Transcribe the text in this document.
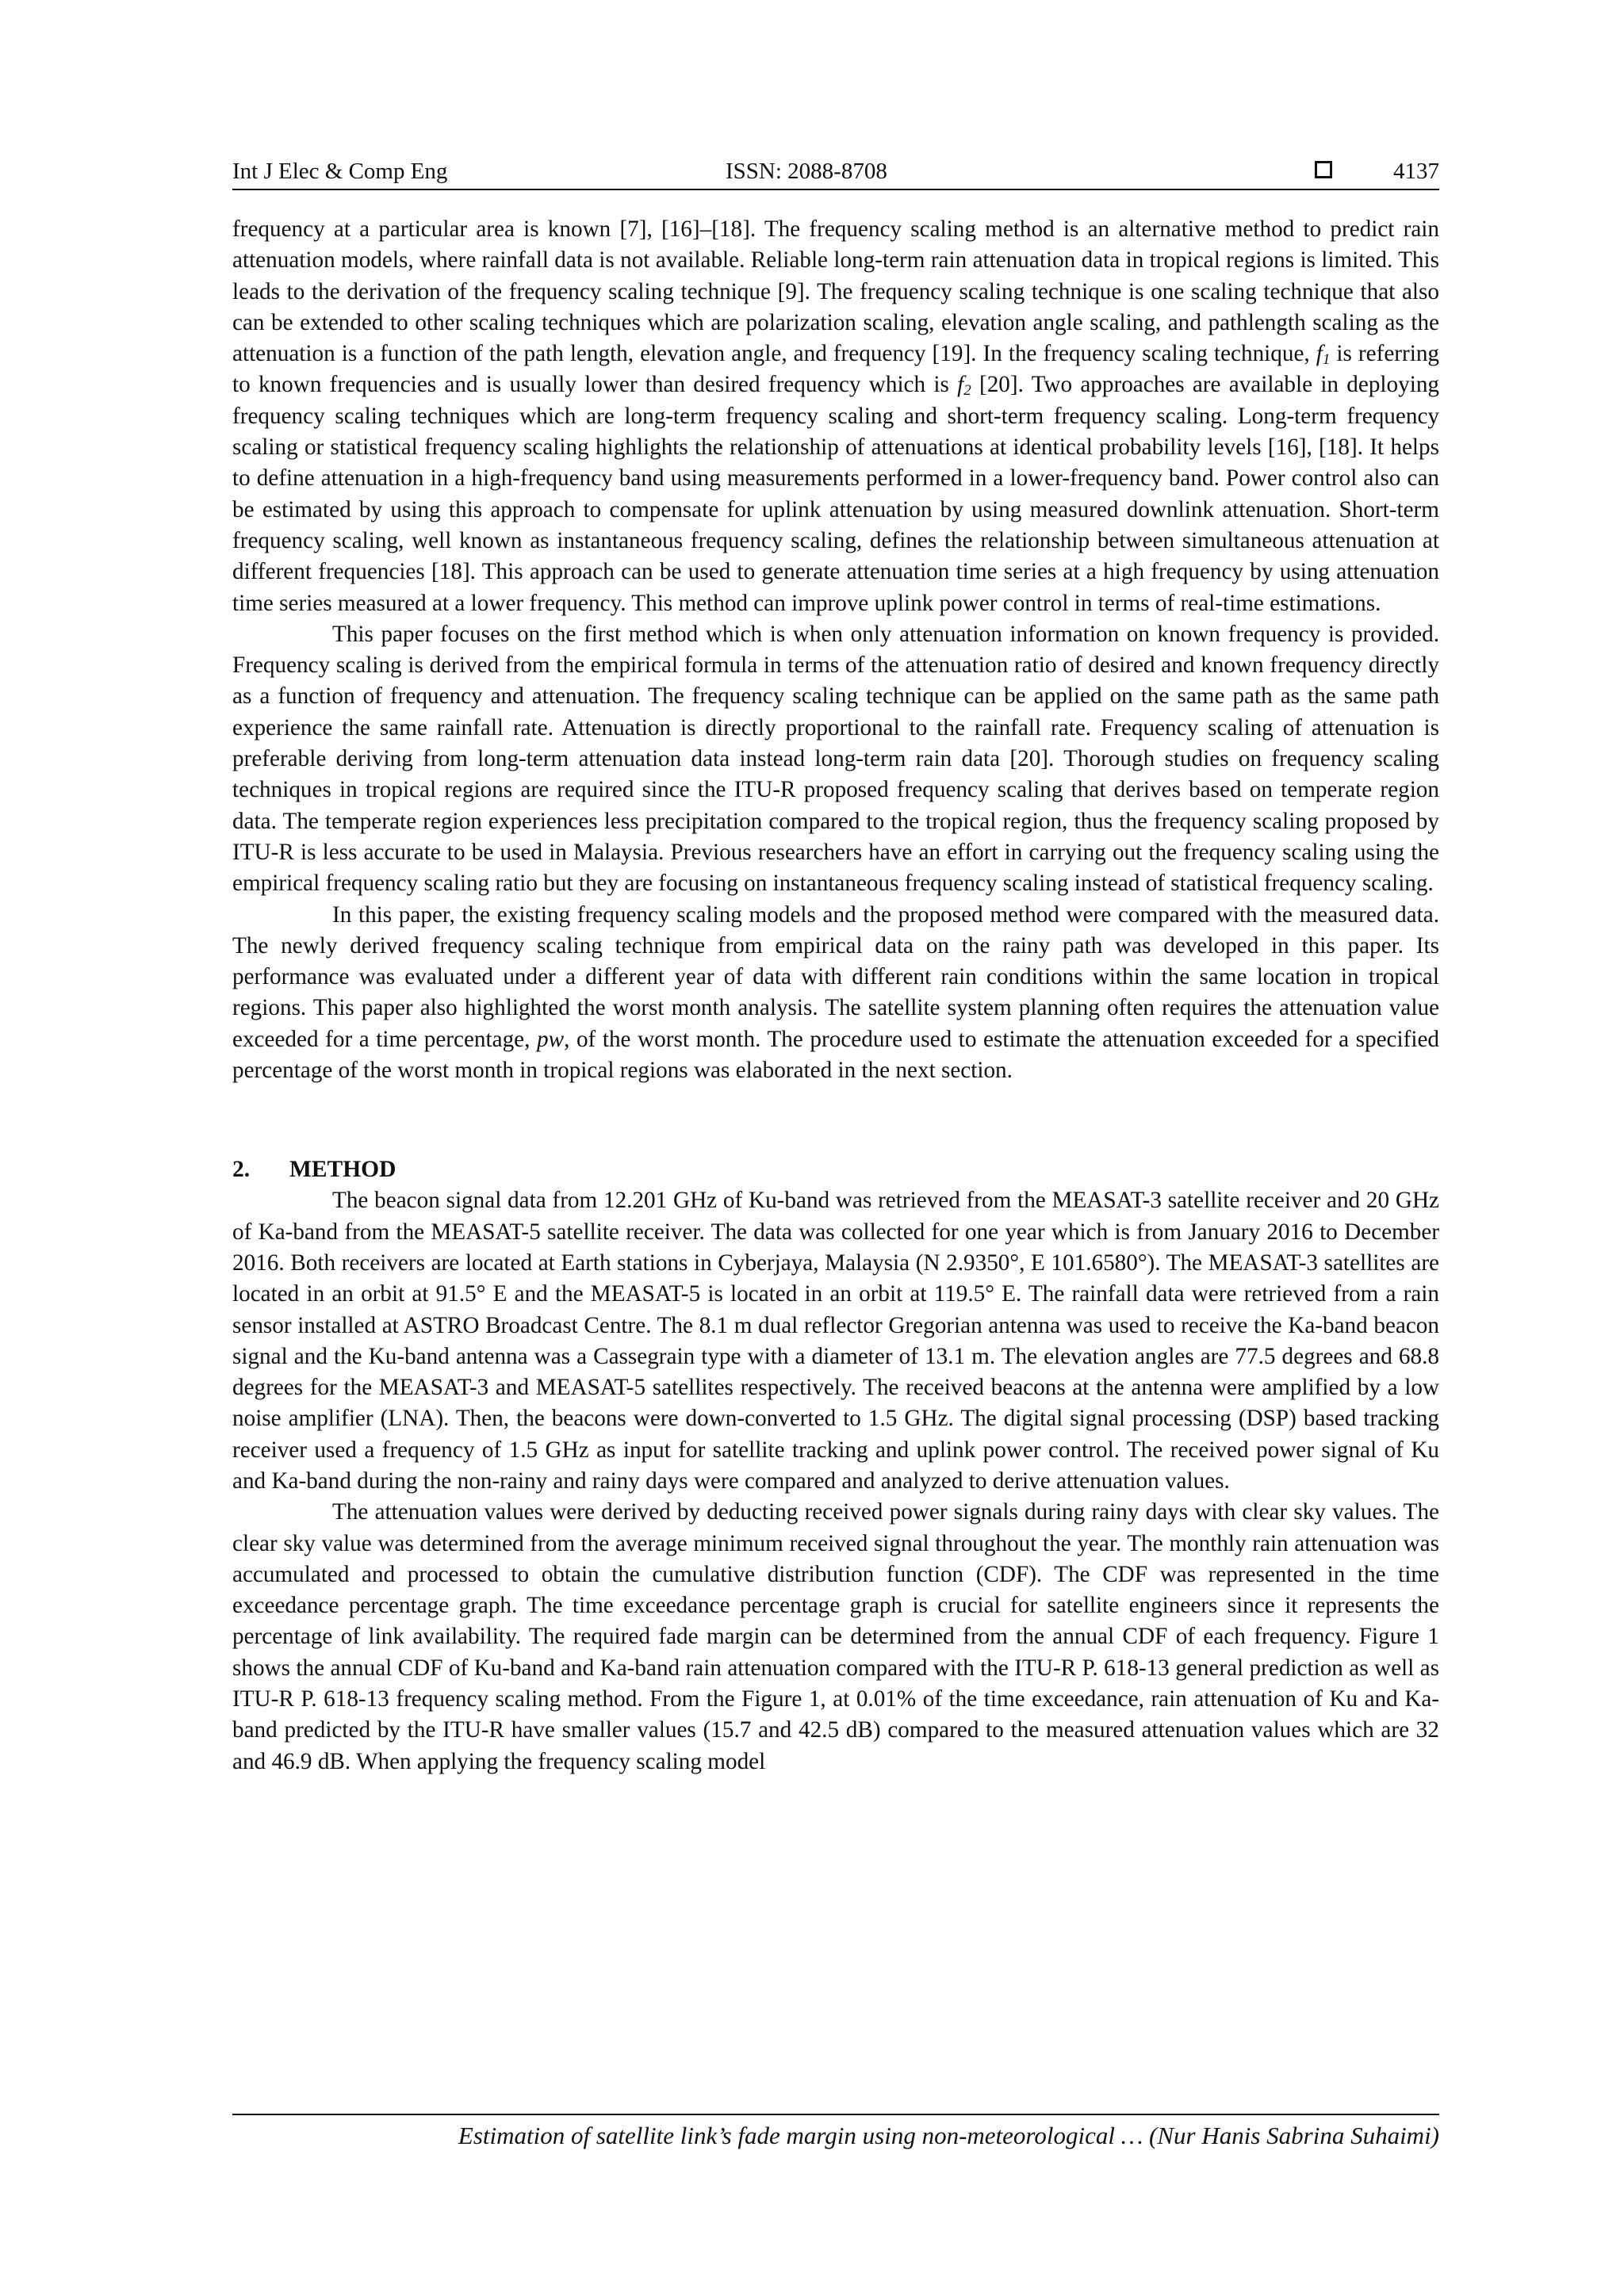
Int J Elec & Comp Eng	ISSN: 2088-8708	4137

frequency at a particular area is known [7], [16]–[18]. The frequency scaling method is an alternative method to predict rain attenuation models, where rainfall data is not available. Reliable long-term rain attenuation data in tropical regions is limited. This leads to the derivation of the frequency scaling technique [9]. The frequency scaling technique is one scaling technique that also can be extended to other scaling techniques which are polarization scaling, elevation angle scaling, and pathlength scaling as the attenuation is a function of the path length, elevation angle, and frequency [19]. In the frequency scaling technique, $f_1$ is referring to known frequencies and is usually lower than desired frequency which is $f_2$ [20]. Two approaches are available in deploying frequency scaling techniques which are long-term frequency scaling and short-term frequency scaling. Long-term frequency scaling or statistical frequency scaling highlights the relationship of attenuations at identical probability levels [16], [18]. It helps to define attenuation in a high-frequency band using measurements performed in a lower-frequency band. Power control also can be estimated by using this approach to compensate for uplink attenuation by using measured downlink attenuation. Short-term frequency scaling, well known as instantaneous frequency scaling, defines the relationship between simultaneous attenuation at different frequencies [18]. This approach can be used to generate attenuation time series at a high frequency by using attenuation time series measured at a lower frequency. This method can improve uplink power control in terms of real-time estimations.

This paper focuses on the first method which is when only attenuation information on known frequency is provided. Frequency scaling is derived from the empirical formula in terms of the attenuation ratio of desired and known frequency directly as a function of frequency and attenuation. The frequency scaling technique can be applied on the same path as the same path experience the same rainfall rate. Attenuation is directly proportional to the rainfall rate. Frequency scaling of attenuation is preferable deriving from long-term attenuation data instead long-term rain data [20]. Thorough studies on frequency scaling techniques in tropical regions are required since the ITU-R proposed frequency scaling that derives based on temperate region data. The temperate region experiences less precipitation compared to the tropical region, thus the frequency scaling proposed by ITU-R is less accurate to be used in Malaysia. Previous researchers have an effort in carrying out the frequency scaling using the empirical frequency scaling ratio but they are focusing on instantaneous frequency scaling instead of statistical frequency scaling.

In this paper, the existing frequency scaling models and the proposed method were compared with the measured data. The newly derived frequency scaling technique from empirical data on the rainy path was developed in this paper. Its performance was evaluated under a different year of data with different rain conditions within the same location in tropical regions. This paper also highlighted the worst month analysis. The satellite system planning often requires the attenuation value exceeded for a time percentage, pw, of the worst month. The procedure used to estimate the attenuation exceeded for a specified percentage of the worst month in tropical regions was elaborated in the next section.

2. METHOD

The beacon signal data from 12.201 GHz of Ku-band was retrieved from the MEASAT-3 satellite receiver and 20 GHz of Ka-band from the MEASAT-5 satellite receiver. The data was collected for one year which is from January 2016 to December 2016. Both receivers are located at Earth stations in Cyberjaya, Malaysia (N 2.9350°, E 101.6580°). The MEASAT-3 satellites are located in an orbit at 91.5° E and the MEASAT-5 is located in an orbit at 119.5° E. The rainfall data were retrieved from a rain sensor installed at ASTRO Broadcast Centre. The 8.1 m dual reflector Gregorian antenna was used to receive the Ka-band beacon signal and the Ku-band antenna was a Cassegrain type with a diameter of 13.1 m. The elevation angles are 77.5 degrees and 68.8 degrees for the MEASAT-3 and MEASAT-5 satellites respectively. The received beacons at the antenna were amplified by a low noise amplifier (LNA). Then, the beacons were down-converted to 1.5 GHz. The digital signal processing (DSP) based tracking receiver used a frequency of 1.5 GHz as input for satellite tracking and uplink power control. The received power signal of Ku and Ka-band during the non-rainy and rainy days were compared and analyzed to derive attenuation values.

The attenuation values were derived by deducting received power signals during rainy days with clear sky values. The clear sky value was determined from the average minimum received signal throughout the year. The monthly rain attenuation was accumulated and processed to obtain the cumulative distribution function (CDF). The CDF was represented in the time exceedance percentage graph. The time exceedance percentage graph is crucial for satellite engineers since it represents the percentage of link availability. The required fade margin can be determined from the annual CDF of each frequency. Figure 1 shows the annual CDF of Ku-band and Ka-band rain attenuation compared with the ITU-R P. 618-13 general prediction as well as ITU-R P. 618-13 frequency scaling method. From the Figure 1, at 0.01% of the time exceedance, rain attenuation of Ku and Ka-band predicted by the ITU-R have smaller values (15.7 and 42.5 dB) compared to the measured attenuation values which are 32 and 46.9 dB. When applying the frequency scaling model

Estimation of satellite link’s fade margin using non-meteorological … (Nur Hanis Sabrina Suhaimi)
